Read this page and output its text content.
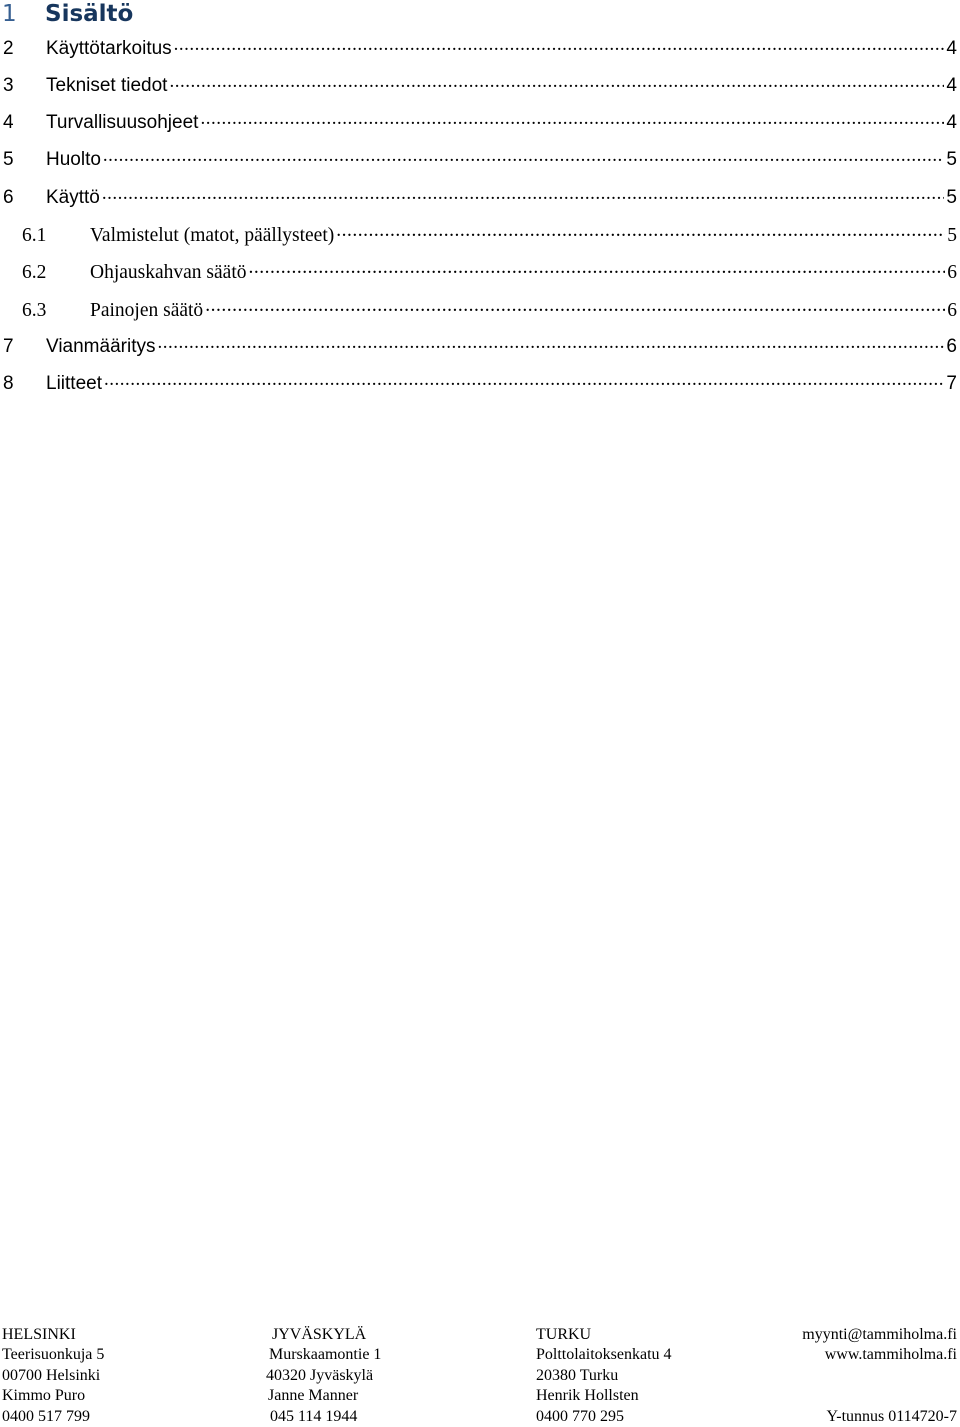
1 Sisältö
2	Käyttötarkoitus .....	4
3	Tekniset tiedot .....	4
4	Turvallisuusohjeet .....	4
5	Huolto .....	5
6	Käyttö .....	5
6.1	Valmistelut (matot, päällysteet) .....	5
6.2	Ohjauskahvan säätö .....	6
6.3	Painojen säätö .....	6
7	Vianmääritys .....	6
8	Liitteet .....	7
HELSINKI
Teerisuonkuja 5
00700 Helsinki
Kimmo Puro
0400 517 799
JYVÄSKYLÄ
Murskaamontie 1
40320 Jyväskylä
Janne Manner
045 114 1944
TURKU
Polttolaitoksenkatu 4
20380 Turku
Henrik Hollsten
0400 770 295
myynti@tammiholma.fi
www.tammiholma.fi
Y-tunnus 0114720-7
